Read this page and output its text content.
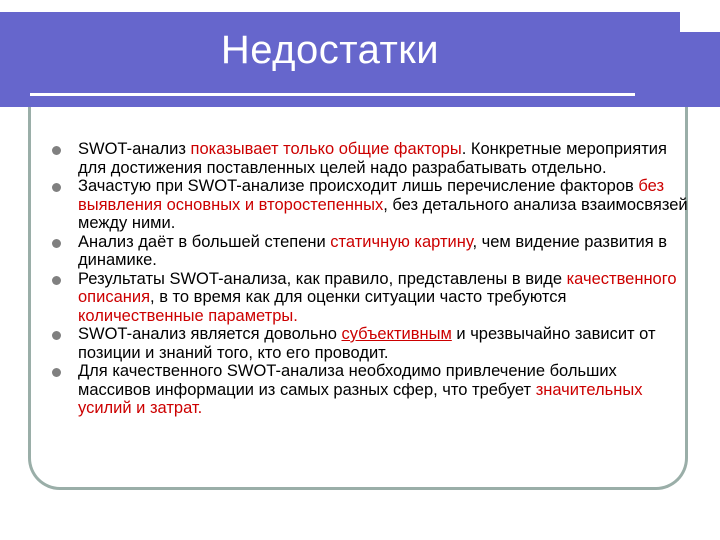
Недостатки
SWOT-анализ показывает только общие факторы. Конкретные мероприятия для достижения поставленных целей надо разрабатывать отдельно.
Зачастую при SWOT-анализе происходит лишь перечисление факторов без выявления основных и второстепенных, без детального анализа взаимосвязей между ними.
Анализ даёт в большей степени статичную картину, чем видение развития в динамике.
Результаты SWOT-анализа, как правило, представлены в виде качественного описания, в то время как для оценки ситуации часто требуются количественные параметры.
SWOT-анализ является довольно субъективным и чрезвычайно зависит от позиции и знаний того, кто его проводит.
Для качественного SWOT-анализа необходимо привлечение больших массивов информации из самых разных сфер, что требует значительных усилий и затрат.
